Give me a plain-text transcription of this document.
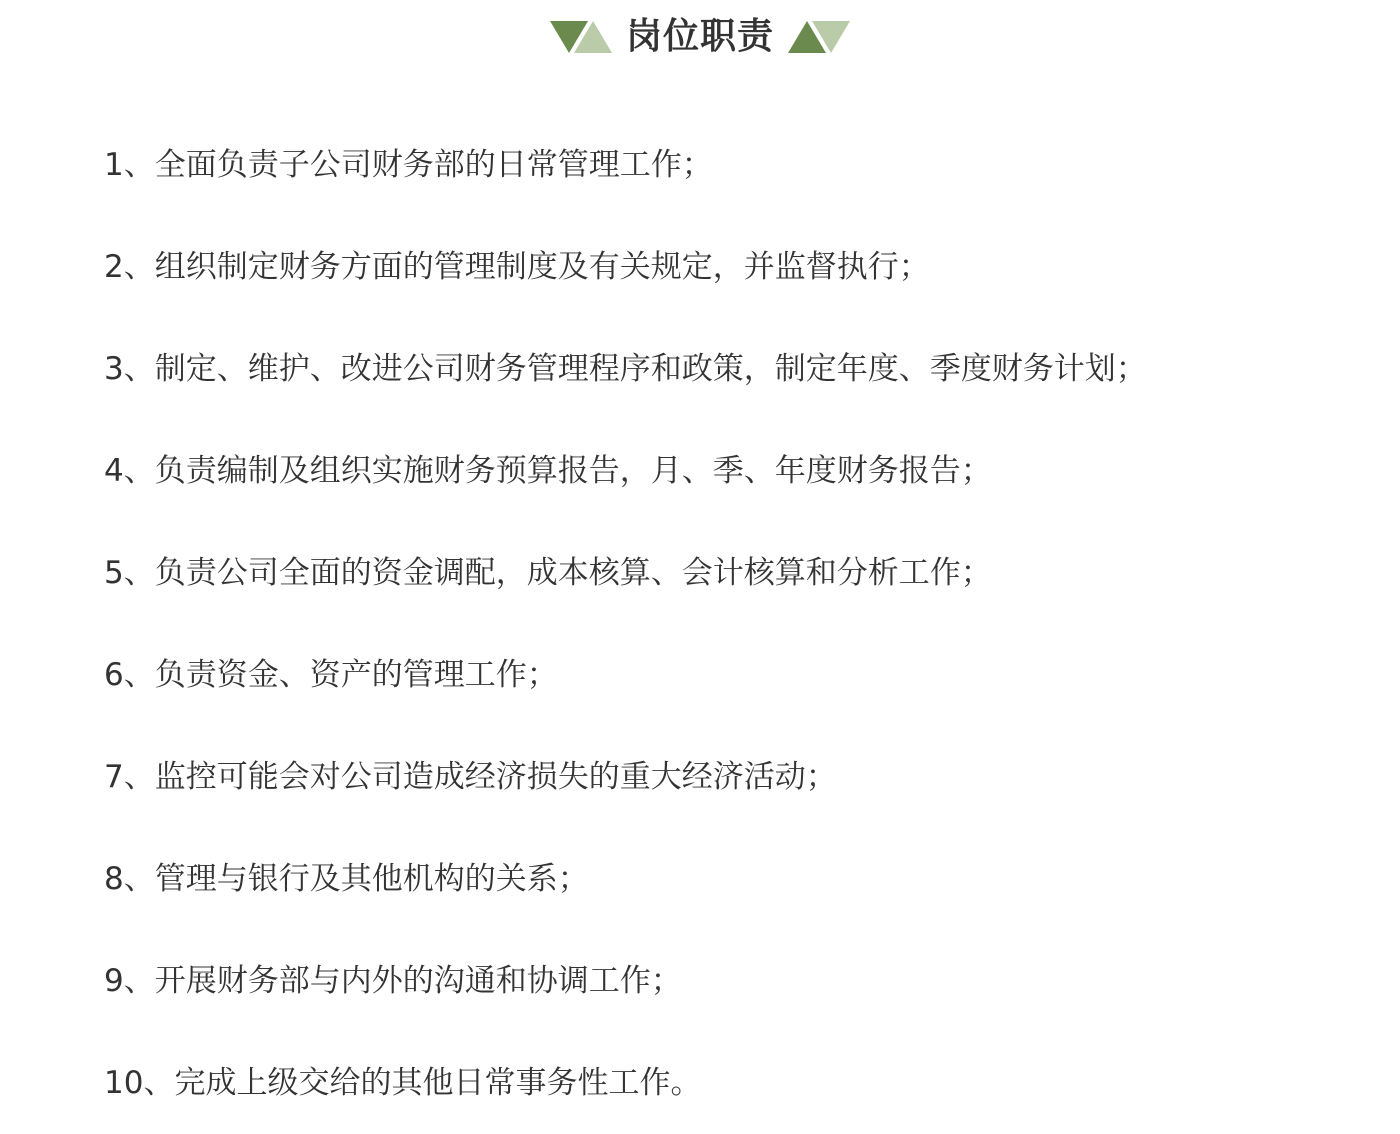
岗位职责
1、全面负责子公司财务部的日常管理工作；
2、组织制定财务方面的管理制度及有关规定，并监督执行；
3、制定、维护、改进公司财务管理程序和政策，制定年度、季度财务计划；
4、负责编制及组织实施财务预算报告，月、季、年度财务报告；
5、负责公司全面的资金调配，成本核算、会计核算和分析工作；
6、负责资金、资产的管理工作；
7、监控可能会对公司造成经济损失的重大经济活动；
8、管理与银行及其他机构的关系；
9、开展财务部与内外的沟通和协调工作；
10、完成上级交给的其他日常事务性工作。
